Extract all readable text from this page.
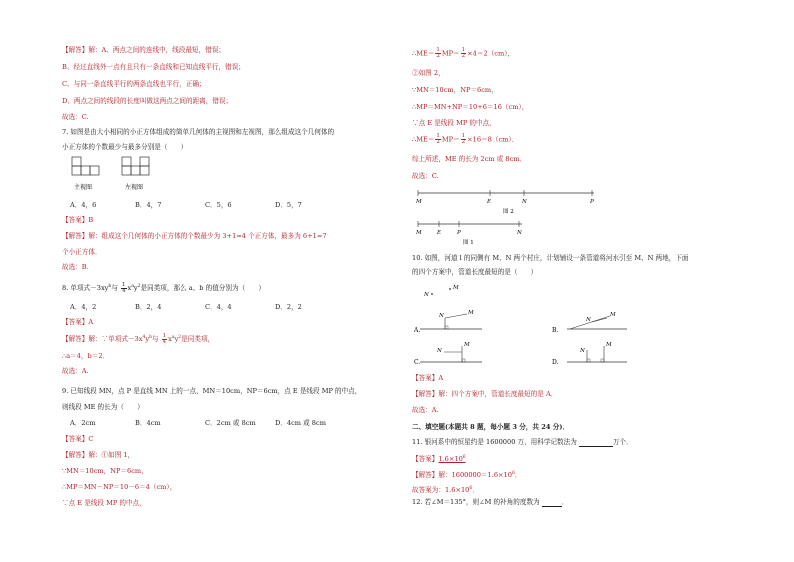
【解答】解：A、两点之间的连线中，线段最短，错误；
B、经过直线外一点有且只有一条直线和已知直线平行，错误；
C、与同一条直线平行的两条直线也平行，正确；
D、两点之间的线段的长度叫做这两点之间的距离，错误；
故选：C.
7. 如图是由大小相同的小正方体组成的简单几何体的主视图和左视图，那么组成这个几何体的
小正方体的个数最少与最多分别是（　　）
主视图	左视图
A．4，6	B．4，7	C．5，6	D．5，7
【答案】B
【解答】解：组成这个几何体的小正方体的个数最少为 3+1=4 个正方体，最多为 6+1=7
个小正方体．
故选：B.
8. 单项式$-3xy^b$与 $\frac{1}{4} x^ay^2$是同类项，那么 a、b 的值分别为（　　）
A．4，2	B．2，4	C．4，4	D．2，2
【答案】A
【解答】解：∵单项式$-3x^4y^b$与 $\frac{1}{4} x^ay^2$是同类项，
∴a＝4，b＝2．
故选：A.
9. 已知线段 MN，点 P 是直线 MN 上的一点，MN＝10cm，NP＝6cm，点 E 是线段 MP 的中点，
则线段 ME 的长为（　　）
A．2cm	B．4cm	C．2cm 或 8cm	D．4cm 或 8cm
【答案】C
【解答】解：①如图 1，
∵MN＝10cm，NP＝6cm，
∴MP＝MN－NP＝10－6＝4（cm），
∵点 E 是线段 MP 的中点，
∴ME＝ $\frac{1}{2} MP= \frac{1}{2} \times 4=2(cm)$，
②如图 2，
∵MN＝10cm，NP＝6cm，
∴MP＝MN+NP＝10+6＝16（cm），
∵点 E 是线段 MP 的中点，
∴ME＝ $\frac{1}{2} MP= \frac{1}{2} \times 16=8(cm)$．
综上所述，ME 的长为 2cm 或 8cm．
故选：C.
M	E	N	P
图 2
M	E	P	N
图 1
10. 如图，河道 l 的同侧有 M、N 两个村庄，计划铺设一条管道将河水引至 M、N 两地，下面
的四个方案中，管道长度最短的是（　　）
N
M
N	M
A.
N
M
B.
N
M
C.
N
M
D.
【答案】A
【解答】解：四个方案中，管道长度最短的是 A．
故选：A.
二、填空题(本题共 8 题，每小题 3 分，共 24 分)．
11. 银河系中的恒星约是 1600000 万，用科学记数法为	万个．
【答案】$1.6\times 10^6$
【解答】解：$1600000=1.6\times 10^6$．
故答案为：$1.6\times 10^6$．
12. 若∠M＝135°，则∠M 的补角的度数为	．
